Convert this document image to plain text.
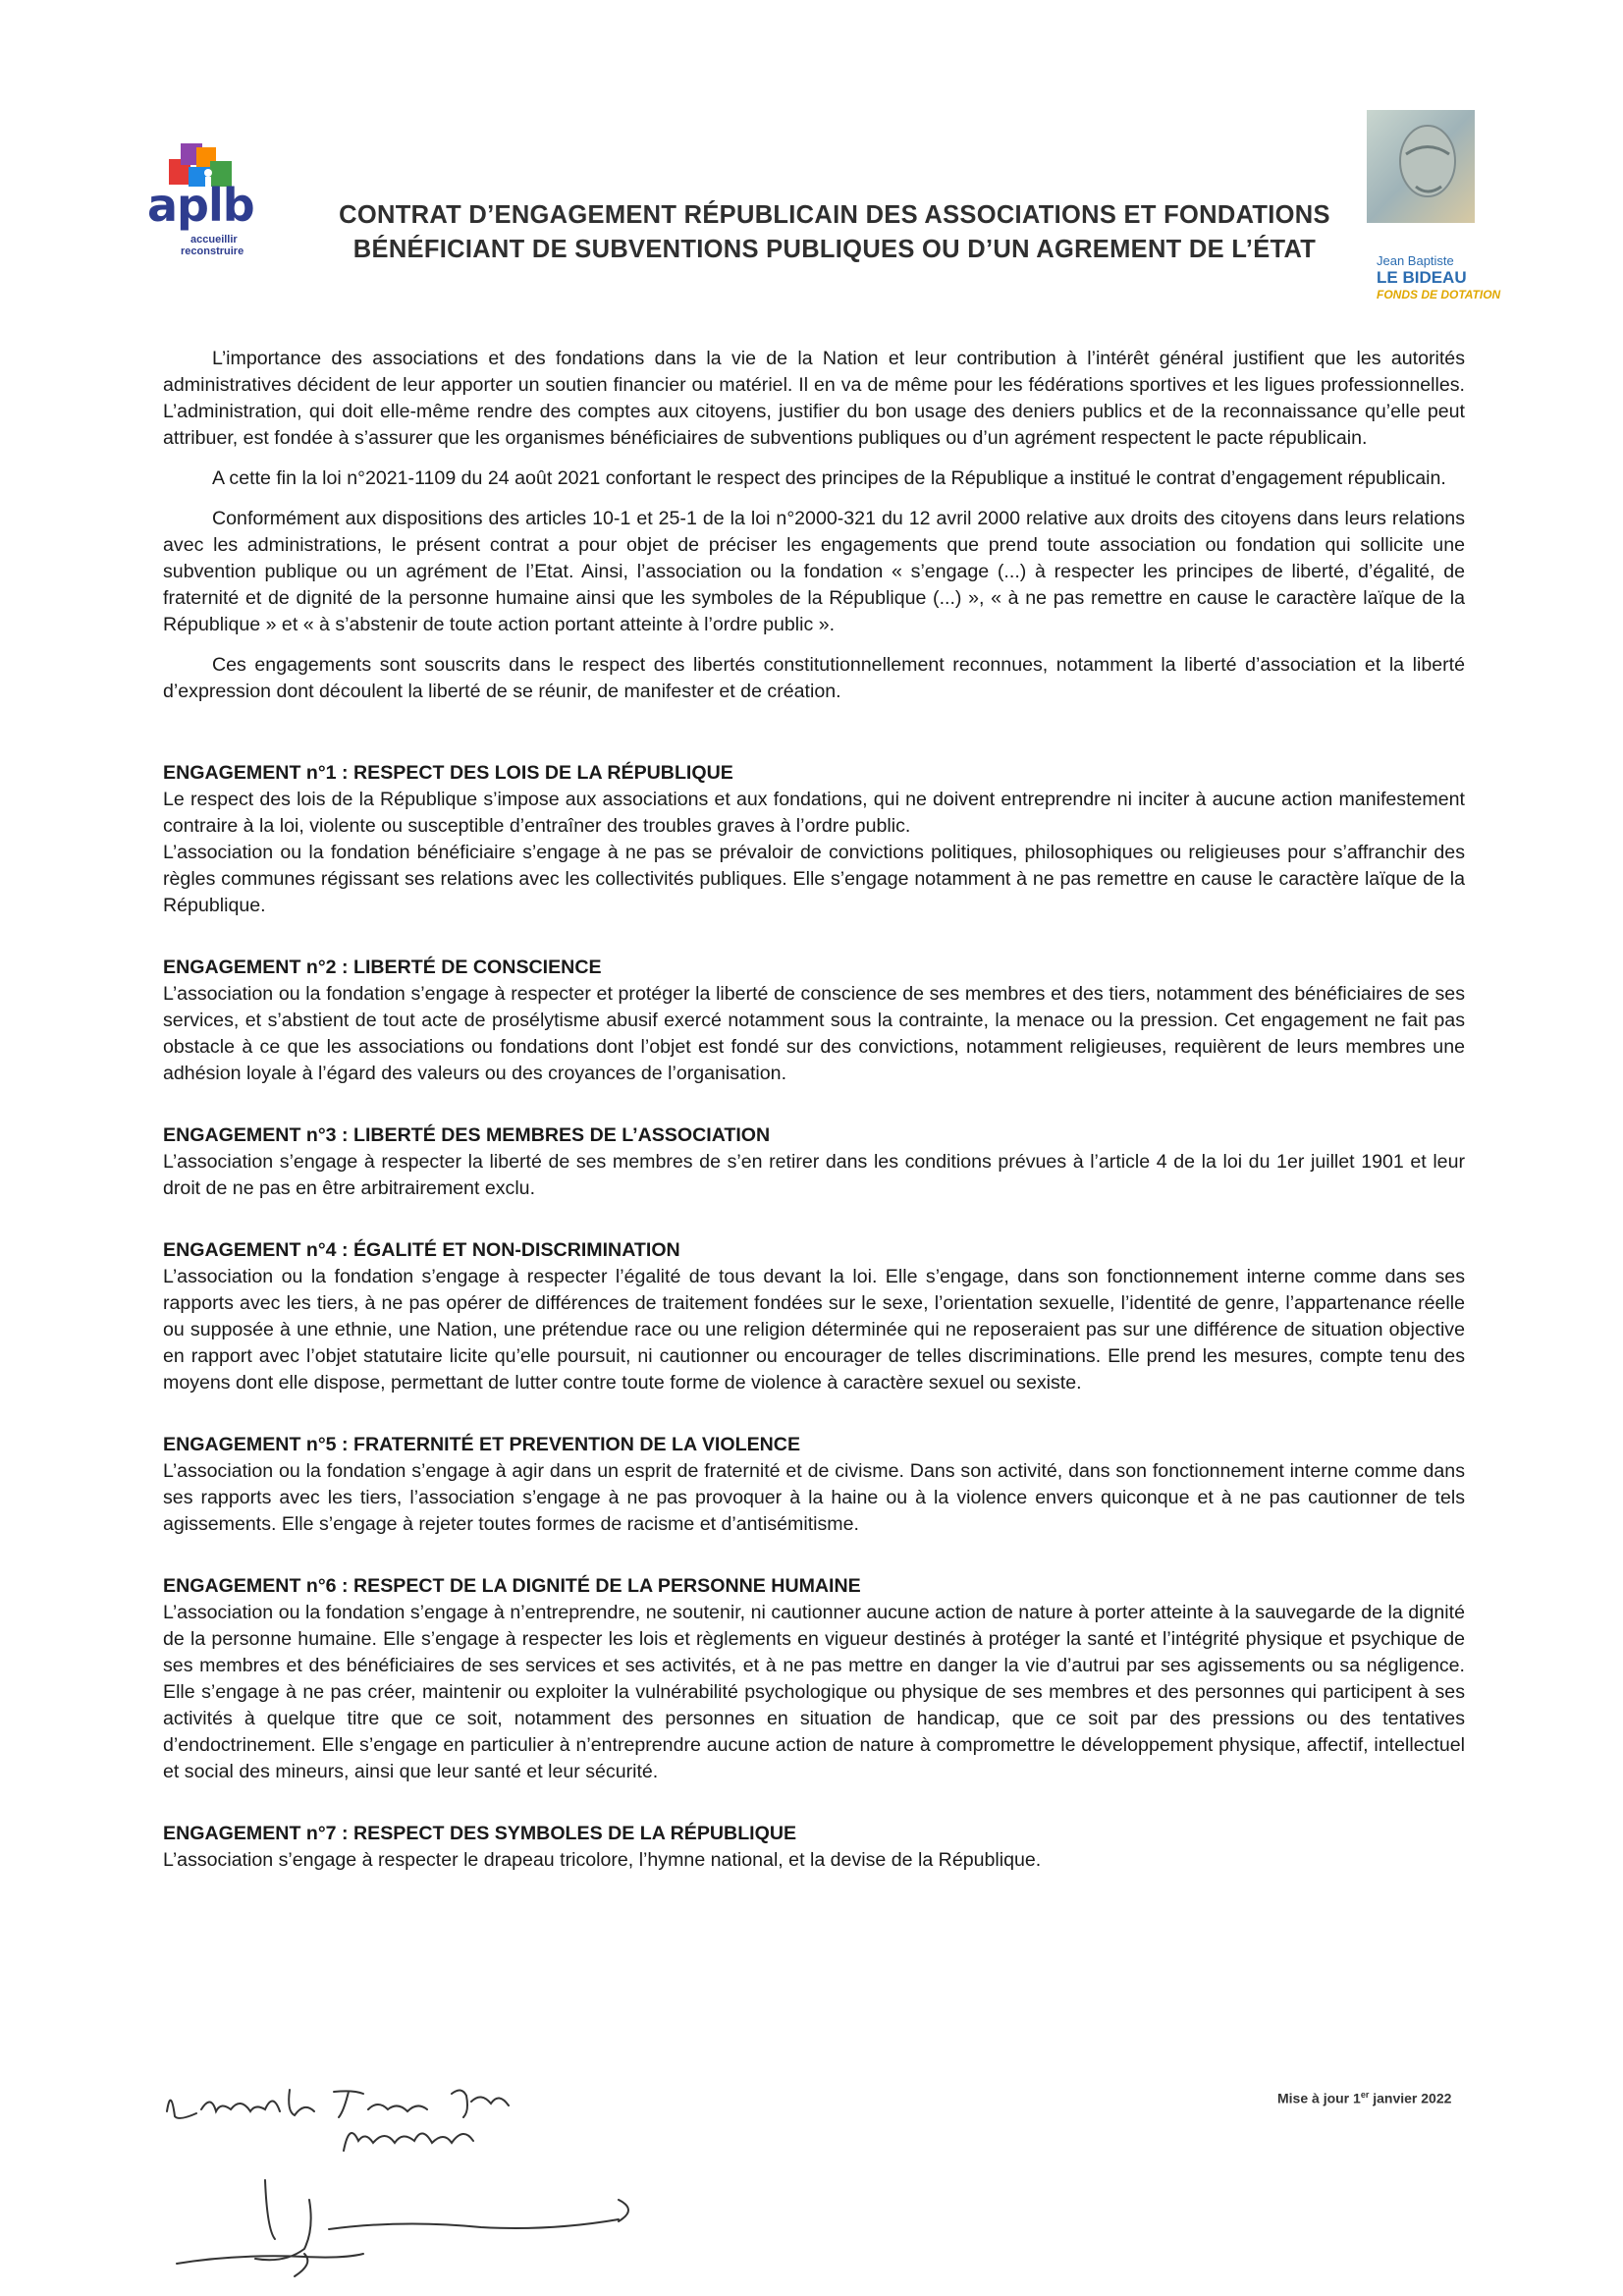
aplb
accueillir
reconstruire
CONTRAT D’ENGAGEMENT RÉPUBLICAIN DES ASSOCIATIONS ET FONDATIONS
BÉNÉFICIANT DE SUBVENTIONS PUBLIQUES OU D’UN AGREMENT DE L’ÉTAT	Jean Baptiste
LE BIDEAU
FONDS DE DOTATION

L’importance des associations et des fondations dans la vie de la Nation et leur contribution à l’intérêt général justifient que les autorités administratives décident de leur apporter un soutien financier ou matériel. Il en va de même pour les fédérations sportives et les ligues professionnelles. L’administration, qui doit elle-même rendre des comptes aux citoyens, justifier du bon usage des deniers publics et de la reconnaissance qu’elle peut attribuer, est fondée à s’assurer que les organismes bénéficiaires de subventions publiques ou d’un agrément respectent le pacte républicain.

A cette fin la loi n°2021-1109 du 24 août 2021 confortant le respect des principes de la République a institué le contrat d’engagement républicain.

Conformément aux dispositions des articles 10-1 et 25-1 de la loi n°2000-321 du 12 avril 2000 relative aux droits des citoyens dans leurs relations avec les administrations, le présent contrat a pour objet de préciser les engagements que prend toute association ou fondation qui sollicite une subvention publique ou un agrément de l’Etat. Ainsi, l’association ou la fondation « s’engage (...) à respecter les principes de liberté, d’égalité, de fraternité et de dignité de la personne humaine ainsi que les symboles de la République (...) », « à ne pas remettre en cause le caractère laïque de la République » et « à s’abstenir de toute action portant atteinte à l’ordre public ».

Ces engagements sont souscrits dans le respect des libertés constitutionnellement reconnues, notamment la liberté d’association et la liberté d’expression dont découlent la liberté de se réunir, de manifester et de création.

ENGAGEMENT n°1 : RESPECT DES LOIS DE LA RÉPUBLIQUE

Le respect des lois de la République s’impose aux associations et aux fondations, qui ne doivent entreprendre ni inciter à aucune action manifestement contraire à la loi, violente ou susceptible d’entraîner des troubles graves à l’ordre public.

L’association ou la fondation bénéficiaire s’engage à ne pas se prévaloir de convictions politiques, philosophiques ou religieuses pour s’affranchir des règles communes régissant ses relations avec les collectivités publiques. Elle s’engage notamment à ne pas remettre en cause le caractère laïque de la République.

ENGAGEMENT n°2 : LIBERTÉ DE CONSCIENCE

L’association ou la fondation s’engage à respecter et protéger la liberté de conscience de ses membres et des tiers, notamment des bénéficiaires de ses services, et s’abstient de tout acte de prosélytisme abusif exercé notamment sous la contrainte, la menace ou la pression. Cet engagement ne fait pas obstacle à ce que les associations ou fondations dont l’objet est fondé sur des convictions, notamment religieuses, requièrent de leurs membres une adhésion loyale à l’égard des valeurs ou des croyances de l’organisation.

ENGAGEMENT n°3 : LIBERTÉ DES MEMBRES DE L’ASSOCIATION

L’association s’engage à respecter la liberté de ses membres de s’en retirer dans les conditions prévues à l’article 4 de la loi du 1er juillet 1901 et leur droit de ne pas en être arbitrairement exclu.

ENGAGEMENT n°4 : ÉGALITÉ ET NON-DISCRIMINATION

L’association ou la fondation s’engage à respecter l’égalité de tous devant la loi. Elle s’engage, dans son fonctionnement interne comme dans ses rapports avec les tiers, à ne pas opérer de différences de traitement fondées sur le sexe, l’orientation sexuelle, l’identité de genre, l’appartenance réelle ou supposée à une ethnie, une Nation, une prétendue race ou une religion déterminée qui ne reposeraient pas sur une différence de situation objective en rapport avec l’objet statutaire licite qu’elle poursuit, ni cautionner ou encourager de telles discriminations. Elle prend les mesures, compte tenu des moyens dont elle dispose, permettant de lutter contre toute forme de violence à caractère sexuel ou sexiste.

ENGAGEMENT n°5 : FRATERNITÉ ET PREVENTION DE LA VIOLENCE

L’association ou la fondation s’engage à agir dans un esprit de fraternité et de civisme. Dans son activité, dans son fonctionnement interne comme dans ses rapports avec les tiers, l’association s’engage à ne pas provoquer à la haine ou à la violence envers quiconque et à ne pas cautionner de tels agissements. Elle s’engage à rejeter toutes formes de racisme et d’antisémitisme.

ENGAGEMENT n°6 : RESPECT DE LA DIGNITÉ DE LA PERSONNE HUMAINE

L’association ou la fondation s’engage à n’entreprendre, ne soutenir, ni cautionner aucune action de nature à porter atteinte à la sauvegarde de la dignité de la personne humaine. Elle s’engage à respecter les lois et règlements en vigueur destinés à protéger la santé et l’intégrité physique et psychique de ses membres et des bénéficiaires de ses services et ses activités, et à ne pas mettre en danger la vie d’autrui par ses agissements ou sa négligence. Elle s’engage à ne pas créer, maintenir ou exploiter la vulnérabilité psychologique ou physique de ses membres et des personnes qui participent à ses activités à quelque titre que ce soit, notamment des personnes en situation de handicap, que ce soit par des pressions ou des tentatives d’endoctrinement. Elle s’engage en particulier à n’entreprendre aucune action de nature à compromettre le développement physique, affectif, intellectuel et social des mineurs, ainsi que leur santé et leur sécurité.

ENGAGEMENT n°7 : RESPECT DES SYMBOLES DE LA RÉPUBLIQUE

L’association s’engage à respecter le drapeau tricolore, l’hymne national, et la devise de la République.

Mise à jour 1er janvier 2022
